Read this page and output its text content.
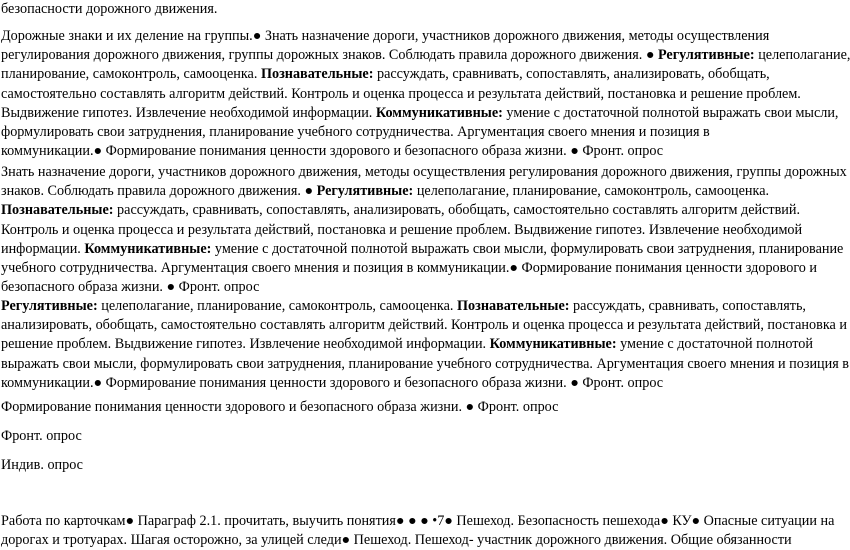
безопасности дорожного движения.
Дорожные знаки и их деление на группы.● Знать назначение дороги, участников дорожного движения, методы осуществления
регулирования дорожного движения, группы дорожных знаков. Соблюдать правила дорожного движения. ● Регулятивные: целеполагание,
планирование, самоконтроль, самооценка. Познавательные: рассуждать, сравнивать, сопоставлять, анализировать, обобщать,
самостоятельно составлять алгоритм действий. Контроль и оценка процесса и результата действий, постановка и решение проблем.
Выдвижение гипотез. Извлечение необходимой информации. Коммуникативные: умение с достаточной полнотой выражать свои мысли,
формулировать свои затруднения, планирование учебного сотрудничества. Аргументация своего мнения и позиция в
коммуникации.● Формирование понимания ценности здорового и безопасного образа жизни. ● Фронт. опрос
Знать назначение дороги, участников дорожного движения, методы осуществления регулирования дорожного движения, группы дорожных
знаков. Соблюдать правила дорожного движения. ● Регулятивные: целеполагание, планирование, самоконтроль, самооценка.
Познавательные: рассуждать, сравнивать, сопоставлять, анализировать, обобщать, самостоятельно составлять алгоритм действий.
Контроль и оценка процесса и результата действий, постановка и решение проблем. Выдвижение гипотез. Извлечение необходимой
информации. Коммуникативные: умение с достаточной полнотой выражать свои мысли, формулировать свои затруднения, планирование
учебного сотрудничества. Аргументация своего мнения и позиция в коммуникации.● Формирование понимания ценности здорового и
безопасного образа жизни. ● Фронт. опрос
Регулятивные: целеполагание, планирование, самоконтроль, самооценка. Познавательные: рассуждать, сравнивать, сопоставлять,
анализировать, обобщать, самостоятельно составлять алгоритм действий. Контроль и оценка процесса и результата действий, постановка и
решение проблем. Выдвижение гипотез. Извлечение необходимой информации. Коммуникативные: умение с достаточной полнотой
выражать свои мысли, формулировать свои затруднения, планирование учебного сотрудничества. Аргументация своего мнения и позиция в
коммуникации.● Формирование понимания ценности здорового и безопасного образа жизни. ● Фронт. опрос
Формирование понимания ценности здорового и безопасного образа жизни. ● Фронт. опрос
Фронт. опрос
Индив. опрос
Работа по карточкам● Параграф 2.1. прочитать, выучить понятия● ● ● •7● Пешеход. Безопасность пешехода● КУ● Опасные ситуации на
дорогах и тротуарах. Шагая осторожно, за улицей следи● Пешеход. Пешеход- участник дорожного движения. Общие обязанности
